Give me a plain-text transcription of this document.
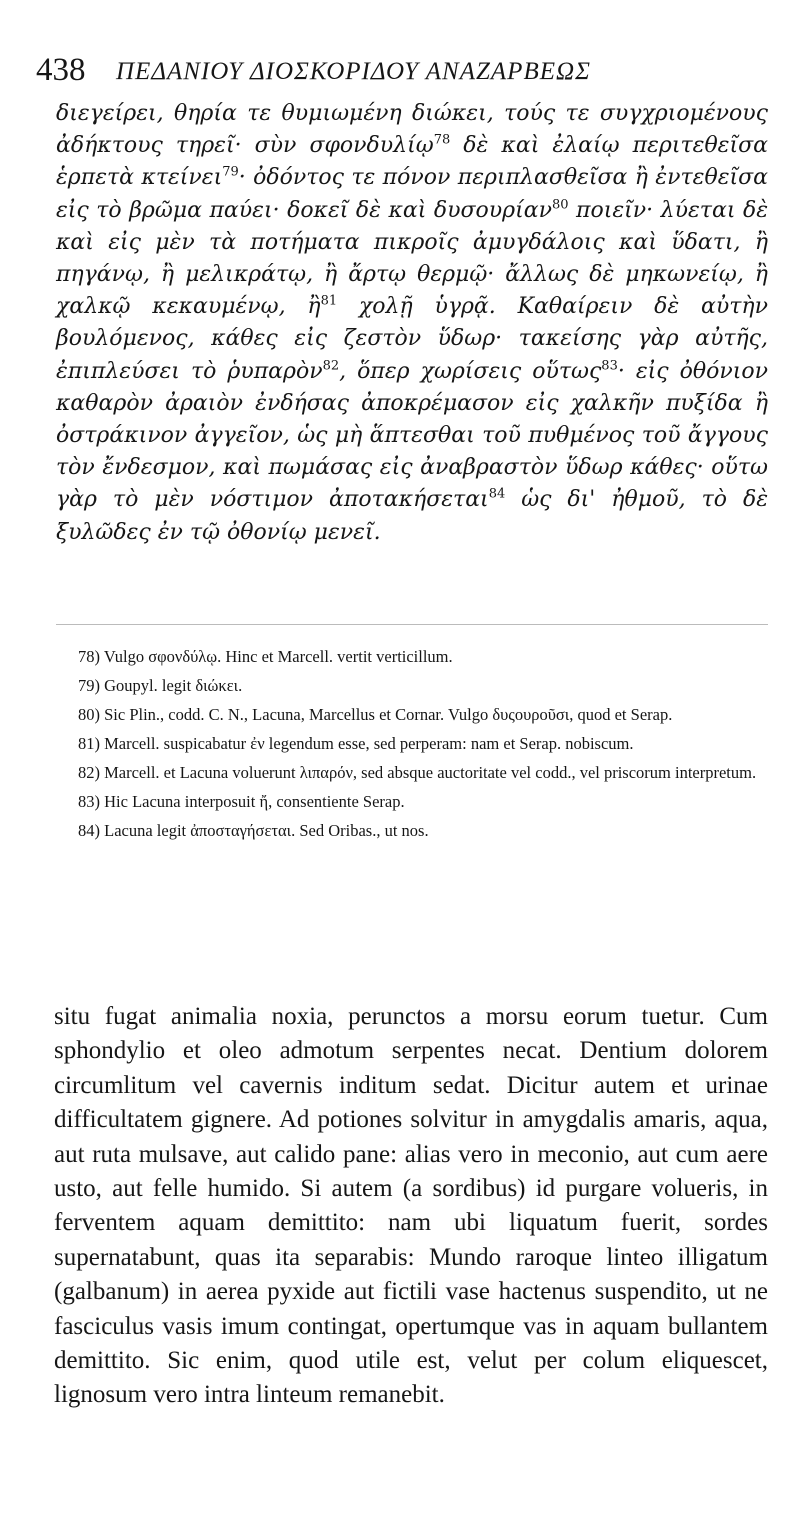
438 ΠΕΔΑΝΙΟΥ ΔΙΟΣΚΟΡΙΔΟΥ ΑΝΑΖΑΡΒΕΩΣ
διεγείρει, θηρία τε θυμιωμένη διώκει, τούς τε συγχριομένους ἀδήκτους τηρεῖ· σὺν σφονδυλίῳ$^{78}$ δὲ καὶ ἐλαίῳ περιτεθεῖσα ἑρπετὰ κτείνει$^{79}$· ὀδόντος τε πόνον περιπλασθεῖσα ἢ ἐντεθεῖσα εἰς τὸ βρῶμα παύει· δοκεῖ δὲ καὶ δυσουρίαν$^{80}$ ποιεῖν· λύεται δὲ καὶ εἰς μὲν τὰ ποτήματα πικροῖς ἀμυγδάλοις καὶ ὕδατι, ἢ πηγάνῳ, ἢ μελικράτῳ, ἢ ἄρτῳ θερμῷ· ἄλλως δὲ μηκωνείῳ, ἢ χαλκῷ κεκαυμένῳ, ἢ$^{81}$ χολῇ ὑγρᾷ. Καθαίρειν δὲ αὐτὴν βουλόμενος, κάθες εἰς ζεστὸν ὕδωρ· τακείσης γὰρ αὐτῆς, ἐπιπλεύσει τὸ ῥυπαρὸν$^{82}$, ὅπερ χωρίσεις οὕτως$^{83}$· εἰς ὀθόνιον καθαρὸν ἀραιὸν ἐνδήσας ἀποκρέμασον εἰς χαλκῆν πυξίδα ἢ ὀστράκινον ἀγγεῖον, ὡς μὴ ἅπτεσθαι τοῦ πυθμένος τοῦ ἄγγους τὸν ἔνδεσμον, καὶ πωμάσας εἰς ἀναβραστὸν ὕδωρ κάθες· οὕτω γὰρ τὸ μὲν νόστιμον ἀποτακήσεται$^{84}$ ὡς δι' ἠθμοῦ, τὸ δὲ ξυλῶδες ἐν τῷ ὀθονίῳ μενεῖ.

78) Vulgo σφονδύλῳ. Hinc et Marcell. vertit verticillum.

79) Goupyl. legit διώκει.

80) Sic Plin., codd. C. N., Lacuna, Marcellus et Cornar. Vulgo δυςουροῦσι, quod et Serap.

81) Marcell. suspicabatur ἐν legendum esse, sed perperam: nam et Serap. nobiscum.

82) Marcell. et Lacuna voluerunt λιπαρόν, sed absque auctoritate vel codd., vel priscorum interpretum.

83) Hic Lacuna interposuit ἤ, consentiente Serap.

84) Lacuna legit ἀποσταγήσεται. Sed Oribas., ut nos.

situ fugat animalia noxia, perunctos a morsu eorum tuetur. Cum sphondylio et oleo admotum serpentes necat. Dentium dolorem circumlitum vel cavernis inditum sedat. Dicitur autem et urinae difficultatem gignere. Ad potiones solvitur in amygdalis amaris, aqua, aut ruta mulsave, aut calido pane: alias vero in meconio, aut cum aere usto, aut felle humido. Si autem (a sordibus) id purgare volueris, in ferventem aquam demittito: nam ubi liquatum fuerit, sordes supernatabunt, quas ita separabis: Mundo raroque linteo illigatum (galbanum) in aerea pyxide aut fictili vase hactenus suspendito, ut ne fasciculus vasis imum contingat, opertumque vas in aquam bullantem demittito. Sic enim, quod utile est, velut per colum eliquescet, lignosum vero intra linteum remanebit.
